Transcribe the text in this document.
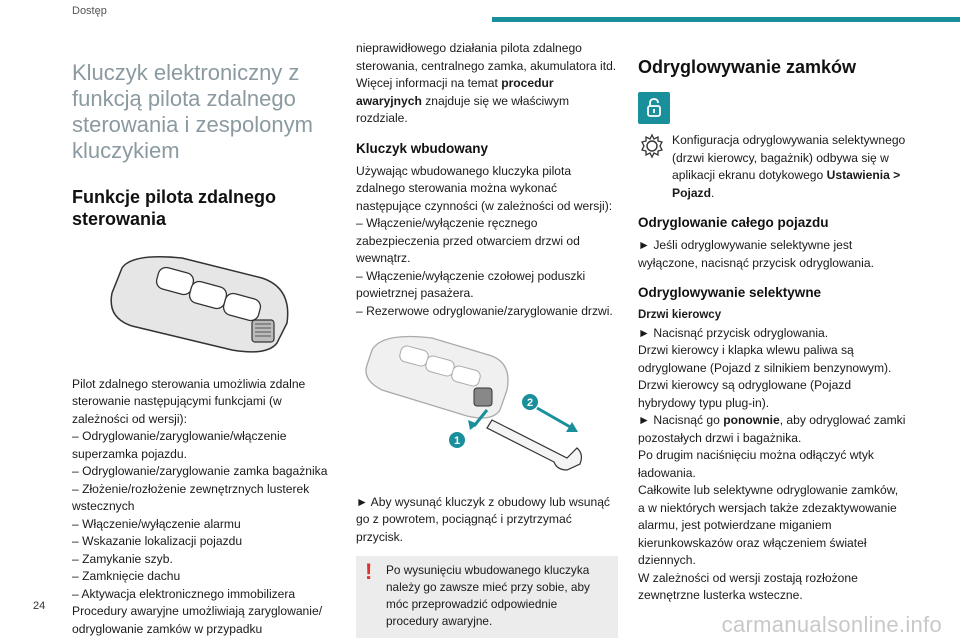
Dostęp
Kluczyk elektroniczny z funkcją pilota zdalnego sterowania i zespolonym kluczykiem
Funkcje pilota zdalnego sterowania

Pilot zdalnego sterowania umożliwia zdalne sterowanie następującymi funkcjami (w zależności od wersji):

– Odryglowanie/zaryglowanie/włączenie superzamka pojazdu.

– Odryglowanie/zaryglowanie zamka bagażnika

– Złożenie/rozłożenie zewnętrznych lusterek wstecznych

– Włączenie/wyłączenie alarmu

– Wskazanie lokalizacji pojazdu

– Zamykanie szyb.

– Zamknięcie dachu

– Aktywacja elektronicznego immobilizera

Procedury awaryjne umożliwiają zaryglowanie/ odryglowanie zamków w przypadku

nieprawidłowego działania pilota zdalnego sterowania, centralnego zamka, akumulatora itd. Więcej informacji na temat procedur awaryjnych znajduje się we właściwym rozdziale.

Kluczyk wbudowany

Używając wbudowanego kluczyka pilota zdalnego sterowania można wykonać następujące czynności (w zależności od wersji):

– Włączenie/wyłączenie ręcznego zabezpieczenia przed otwarciem drzwi od wewnątrz.

– Włączenie/wyłączenie czołowej poduszki powietrznej pasażera.

– Rezerwowe odryglowanie/zaryglowanie drzwi.

1
2

► Aby wysunąć kluczyk z obudowy lub wsunąć go z powrotem, pociągnąć i przytrzymać przycisk.

! Po wysunięciu wbudowanego kluczyka należy go zawsze mieć przy sobie, aby móc przeprowadzić odpowiednie procedury awaryjne.
Odryglowywanie zamków

Konfiguracja odryglowywania selektywnego (drzwi kierowcy, bagażnik) odbywa się w aplikacji ekranu dotykowego Ustawienia > Pojazd.

Odryglowanie całego pojazdu

► Jeśli odryglowywanie selektywne jest wyłączone, nacisnąć przycisk odryglowania.

Odryglowywanie selektywne
Drzwi kierowcy

► Nacisnąć przycisk odryglowania.

Drzwi kierowcy i klapka wlewu paliwa są odryglowane (Pojazd z silnikiem benzynowym).

Drzwi kierowcy są odryglowane (Pojazd hybrydowy typu plug-in).

► Nacisnąć go ponownie, aby odryglować zamki pozostałych drzwi i bagażnika.

Po drugim naciśnięciu można odłączyć wtyk ładowania.

Całkowite lub selektywne odryglowanie zamków, a w niektórych wersjach także zdezaktywowanie alarmu, jest potwierdzane miganiem kierunkowskazów oraz włączeniem świateł dziennych.

W zależności od wersji zostają rozłożone zewnętrzne lusterka wsteczne.

24
carmanualsonline.info
